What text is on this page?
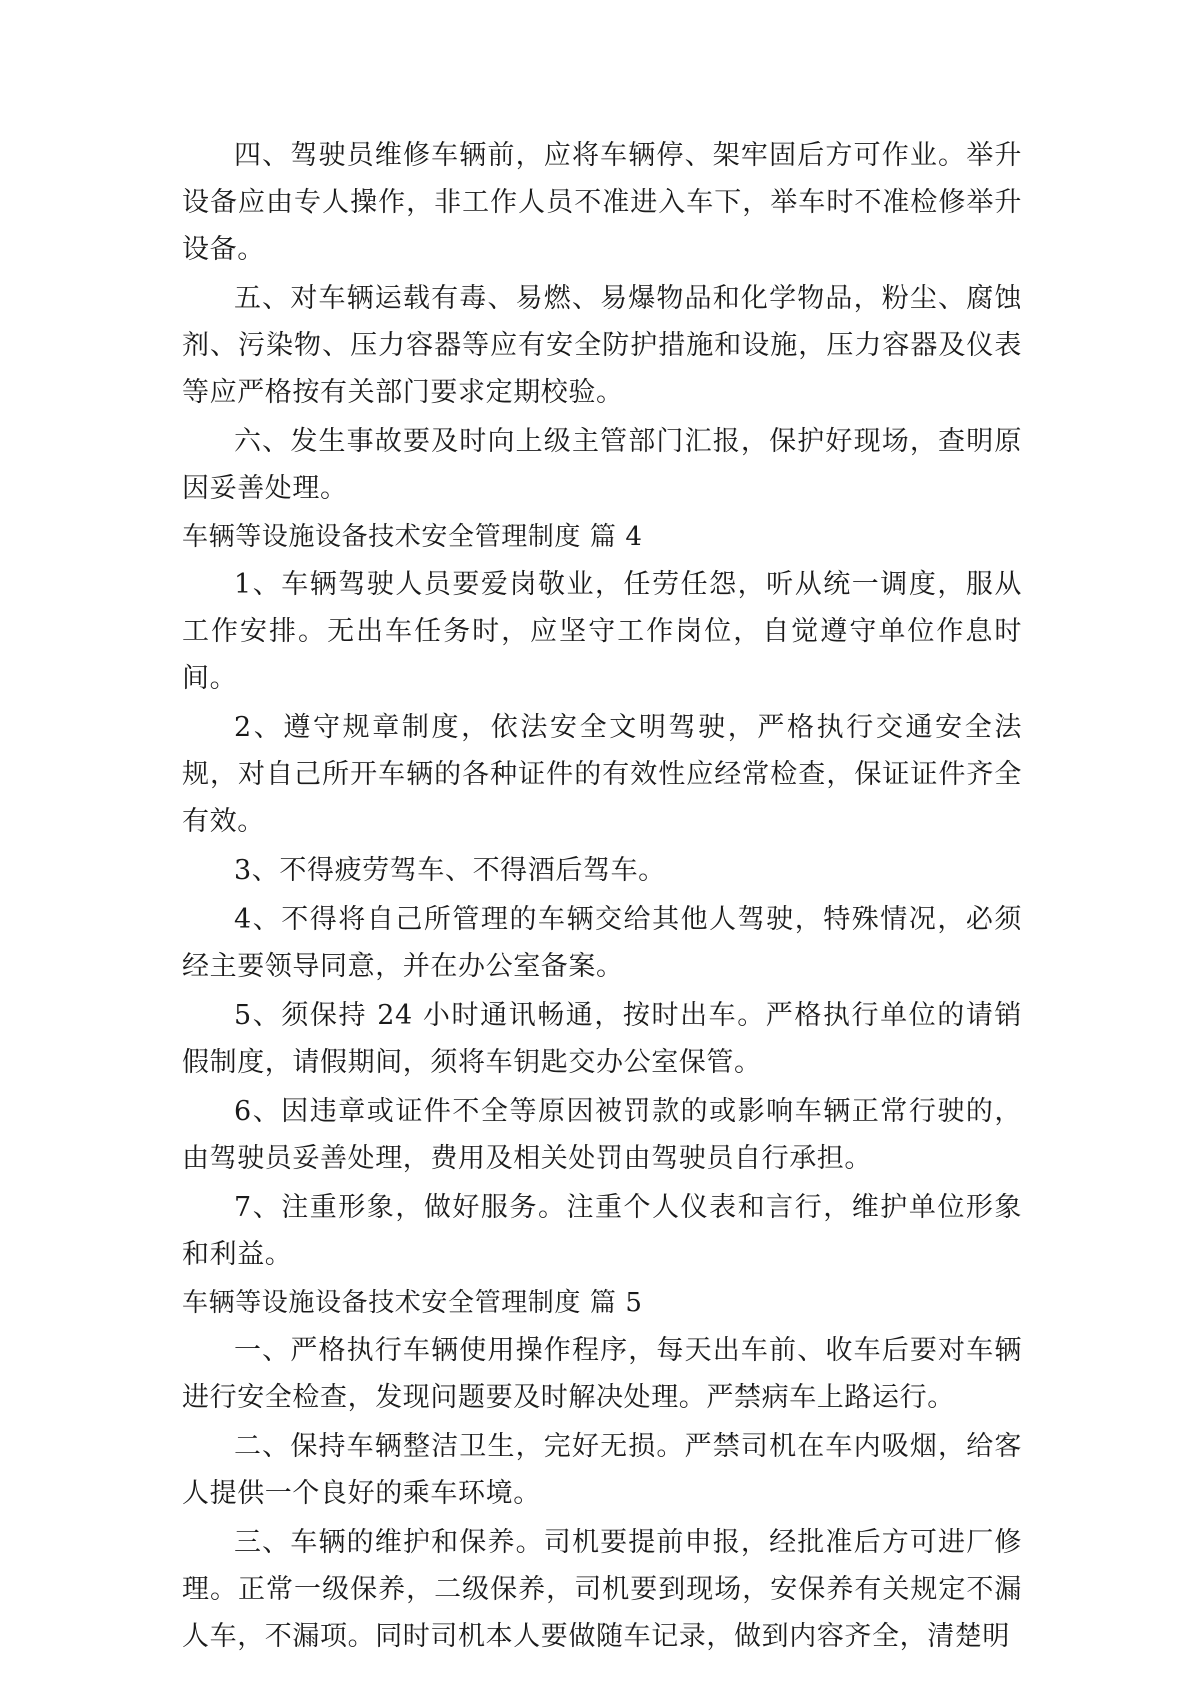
四、驾驶员维修车辆前，应将车辆停、架牢固后方可作业。举升设备应由专人操作，非工作人员不准进入车下，举车时不准检修举升设备。

五、对车辆运载有毒、易燃、易爆物品和化学物品，粉尘、腐蚀剂、污染物、压力容器等应有安全防护措施和设施，压力容器及仪表等应严格按有关部门要求定期校验。

六、发生事故要及时向上级主管部门汇报，保护好现场，查明原因妥善处理。

车辆等设施设备技术安全管理制度 篇 4

1、车辆驾驶人员要爱岗敬业，任劳任怨，听从统一调度，服从工作安排。无出车任务时，应坚守工作岗位，自觉遵守单位作息时间。

2、遵守规章制度，依法安全文明驾驶，严格执行交通安全法规，对自己所开车辆的各种证件的有效性应经常检查，保证证件齐全有效。

3、不得疲劳驾车、不得酒后驾车。

4、不得将自己所管理的车辆交给其他人驾驶，特殊情况，必须经主要领导同意，并在办公室备案。

5、须保持 24 小时通讯畅通，按时出车。严格执行单位的请销假制度，请假期间，须将车钥匙交办公室保管。

6、因违章或证件不全等原因被罚款的或影响车辆正常行驶的，由驾驶员妥善处理，费用及相关处罚由驾驶员自行承担。

7、注重形象，做好服务。注重个人仪表和言行，维护单位形象和利益。

车辆等设施设备技术安全管理制度 篇 5

一、严格执行车辆使用操作程序，每天出车前、收车后要对车辆进行安全检查，发现问题要及时解决处理。严禁病车上路运行。

二、保持车辆整洁卫生，完好无损。严禁司机在车内吸烟，给客人提供一个良好的乘车环境。

三、车辆的维护和保养。司机要提前申报，经批准后方可进厂修理。正常一级保养，二级保养，司机要到现场，安保养有关规定不漏人车，不漏项。同时司机本人要做随车记录，做到内容齐全，清楚明
